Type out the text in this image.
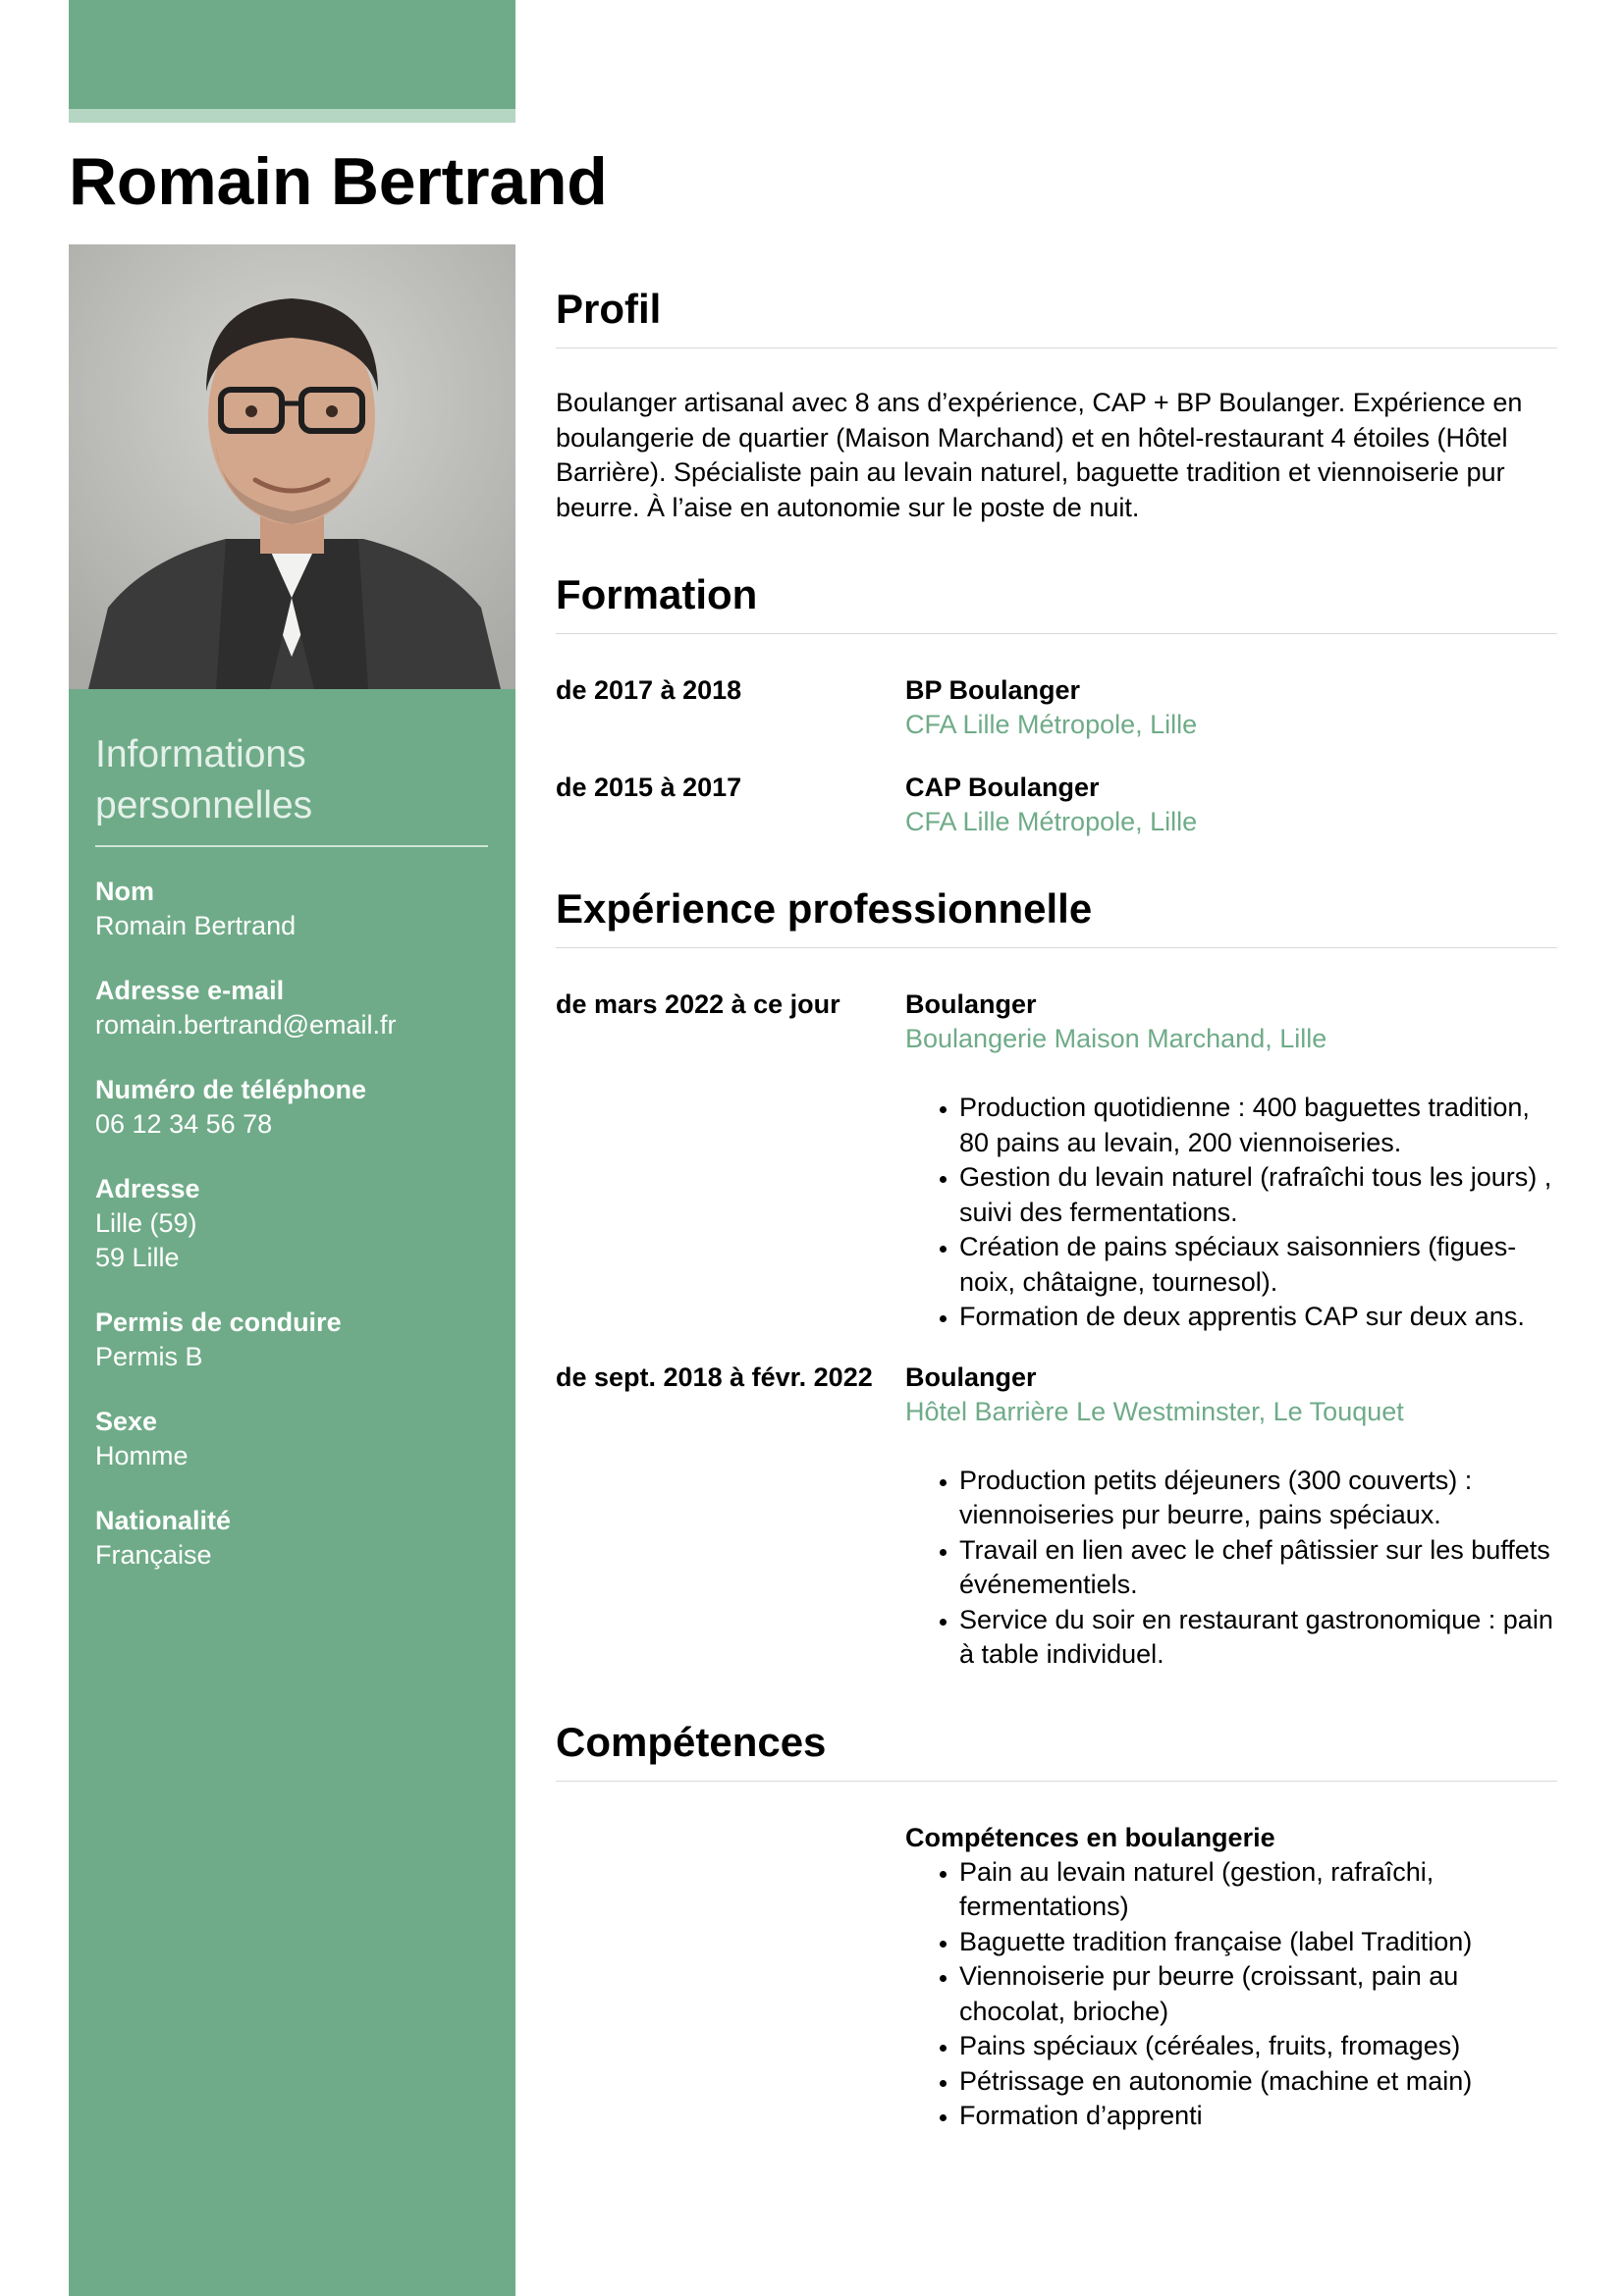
Romain Bertrand
Informations personnelles
Nom
Romain Bertrand
Adresse e-mail
romain.bertrand@email.fr
Numéro de téléphone
06 12 34 56 78
Adresse
Lille (59)
59 Lille
Permis de conduire
Permis B
Sexe
Homme
Nationalité
Française
Profil

Boulanger artisanal avec 8 ans d’expérience, CAP + BP Boulanger. Expérience en boulangerie de quartier (Maison Marchand) et en hôtel-restaurant 4 étoiles (Hôtel Barrière). Spécialiste pain au levain naturel, baguette tradition et viennoiserie pur beurre. À l’aise en autonomie sur le poste de nuit.

Formation
de 2017 à 2018	BP Boulanger
CFA Lille Métropole, Lille
de 2015 à 2017	CAP Boulanger
CFA Lille Métropole, Lille
Expérience professionnelle
de mars 2022 à ce jour	Boulanger
Boulangerie Maison Marchand, Lille
• Production quotidienne : 400 baguettes tradition, 80 pains au levain, 200 viennoiseries.
• Gestion du levain naturel (rafraîchi tous les jours) , suivi des fermentations.
• Création de pains spéciaux saisonniers (figues-noix, châtaigne, tournesol).
• Formation de deux apprentis CAP sur deux ans.
de sept. 2018 à févr. 2022	Boulanger
Hôtel Barrière Le Westminster, Le Touquet
• Production petits déjeuners (300 couverts) : viennoiseries pur beurre, pains spéciaux.
• Travail en lien avec le chef pâtissier sur les buffets événementiels.
• Service du soir en restaurant gastronomique : pain à table individuel.
Compétences
Compétences en boulangerie
• Pain au levain naturel (gestion, rafraîchi, fermentations)
• Baguette tradition française (label Tradition)
• Viennoiserie pur beurre (croissant, pain au chocolat, brioche)
• Pains spéciaux (céréales, fruits, fromages)
• Pétrissage en autonomie (machine et main)
• Formation d’apprenti
